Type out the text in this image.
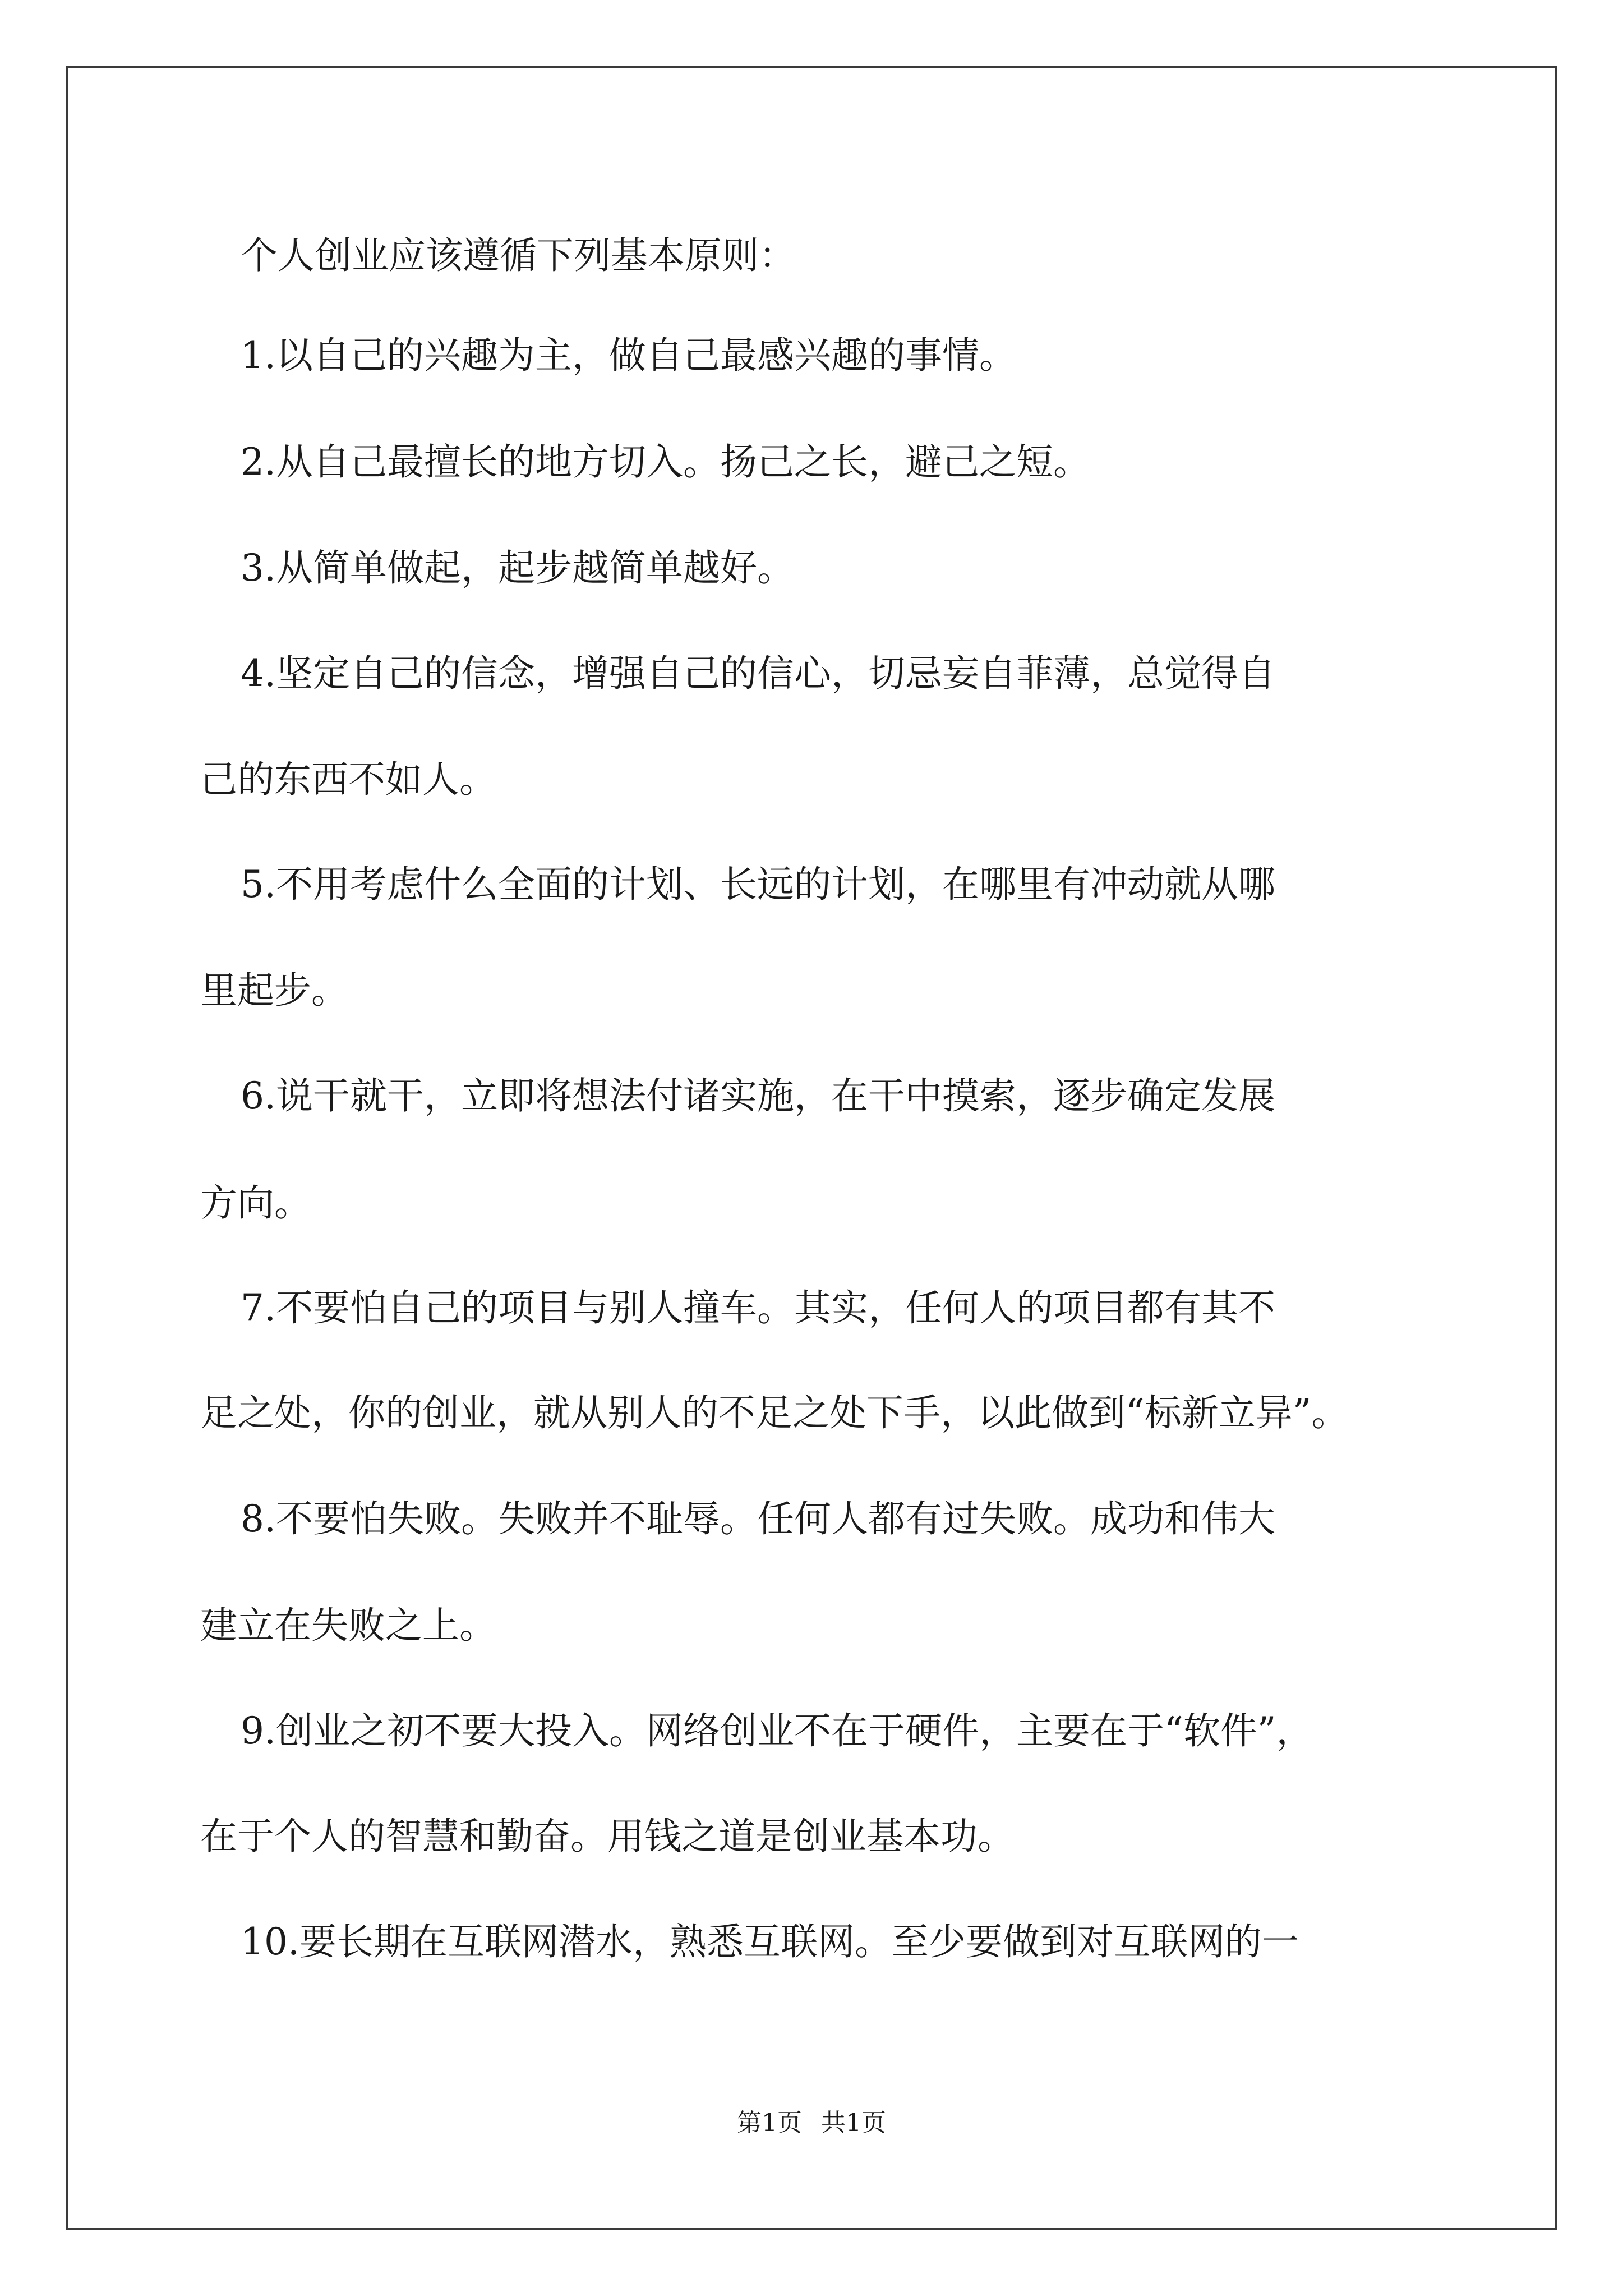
个人创业应该遵循下列基本原则：
1.以自己的兴趣为主，做自己最感兴趣的事情。
2.从自己最擅长的地方切入。扬己之长，避己之短。
3.从简单做起，起步越简单越好。
4.坚定自己的信念，增强自己的信心，切忌妄自菲薄，总觉得自
己的东西不如人。
5.不用考虑什么全面的计划、长远的计划，在哪里有冲动就从哪
里起步。
6.说干就干，立即将想法付诸实施，在干中摸索，逐步确定发展
方向。
7.不要怕自己的项目与别人撞车。其实，任何人的项目都有其不
足之处，你的创业，就从别人的不足之处下手，以此做到“标新立异”。
8.不要怕失败。失败并不耻辱。任何人都有过失败。成功和伟大
建立在失败之上。
9.创业之初不要大投入。网络创业不在于硬件，主要在于“软件”，
在于个人的智慧和勤奋。用钱之道是创业基本功。
10.要长期在互联网潜水，熟悉互联网。至少要做到对互联网的一
第1页 共1页
